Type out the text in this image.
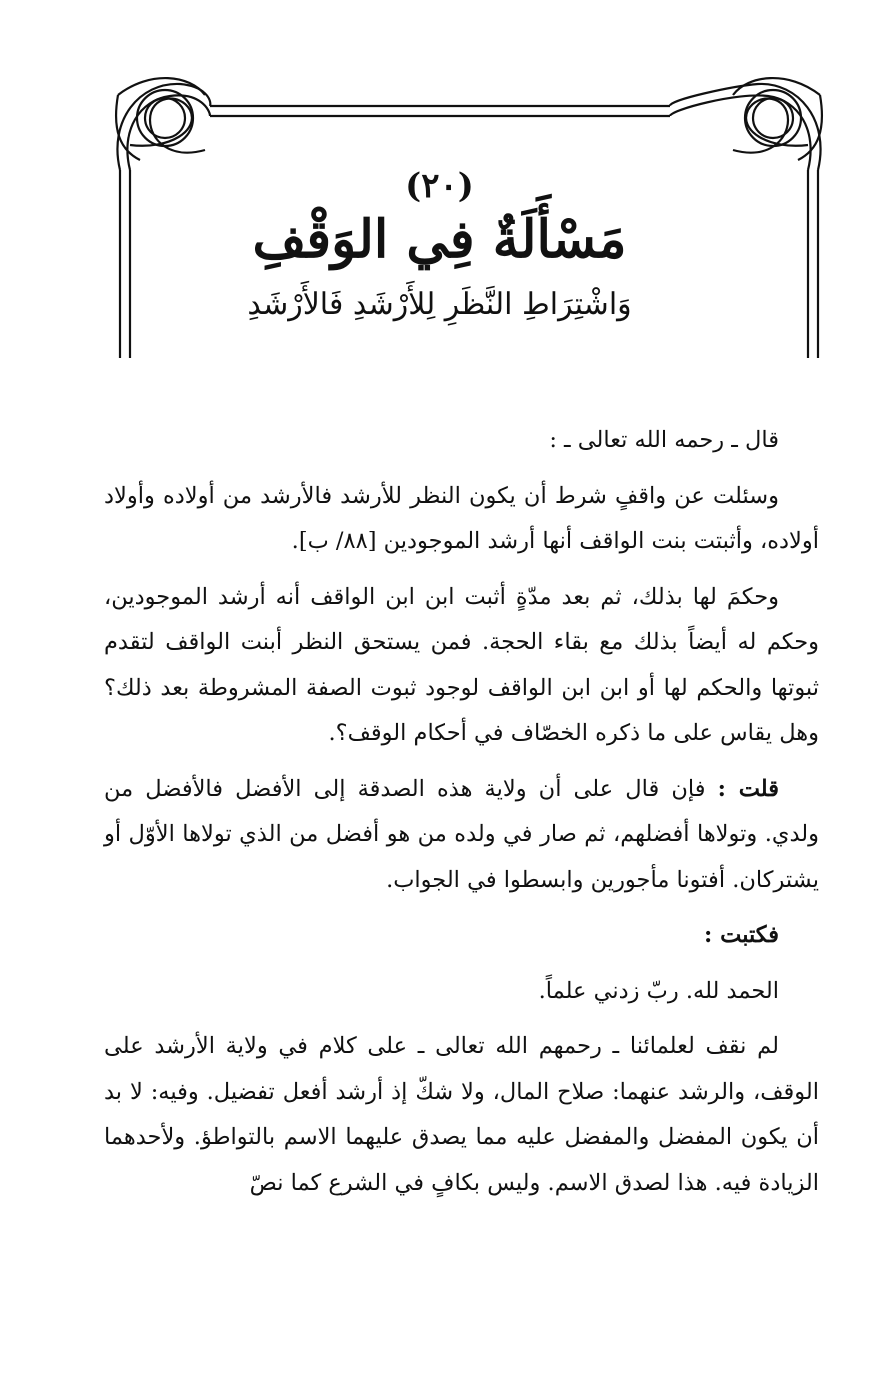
(٢٠)
مَسْأَلَةٌ فِي الوَقْفِ
وَاشْتِرَاطِ النَّظَرِ لِلأَرْشَدِ فَالأَرْشَدِ

قال ـ رحمه الله تعالى ـ :

وسئلت عن واقفٍ شرط أن يكون النظر للأرشد فالأرشد من أولاده وأولاد أولاده، وأثبتت بنت الواقف أنها أرشد الموجودين [٨٨/ ب].

وحكمَ لها بذلك، ثم بعد مدّةٍ أثبت ابن ابن الواقف أنه أرشد الموجودين، وحكم له أيضاً بذلك مع بقاء الحجة. فمن يستحق النظر أبنت الواقف لتقدم ثبوتها والحكم لها أو ابن ابن الواقف لوجود ثبوت الصفة المشروطة بعد ذلك؟ وهل يقاس على ما ذكره الخصّاف في أحكام الوقف؟.

قلت : فإن قال على أن ولاية هذه الصدقة إلى الأفضل فالأفضل من ولدي. وتولاها أفضلهم، ثم صار في ولده من هو أفضل من الذي تولاها الأوّل أو يشتركان. أفتونا مأجورين وابسطوا في الجواب.

فكتبت :

الحمد لله. ربّ زدني علماً.

لم نقف لعلمائنا ـ رحمهم الله تعالى ـ على كلام في ولاية الأرشد على الوقف، والرشد عنهما: صلاح المال، ولا شكّ إذ أرشد أفعل تفضيل. وفيه: لا بد أن يكون المفضل والمفضل عليه مما يصدق عليهما الاسم بالتواطؤ. ولأحدهما الزيادة فيه. هذا لصدق الاسم. وليس بكافٍ في الشرع كما نصّ
